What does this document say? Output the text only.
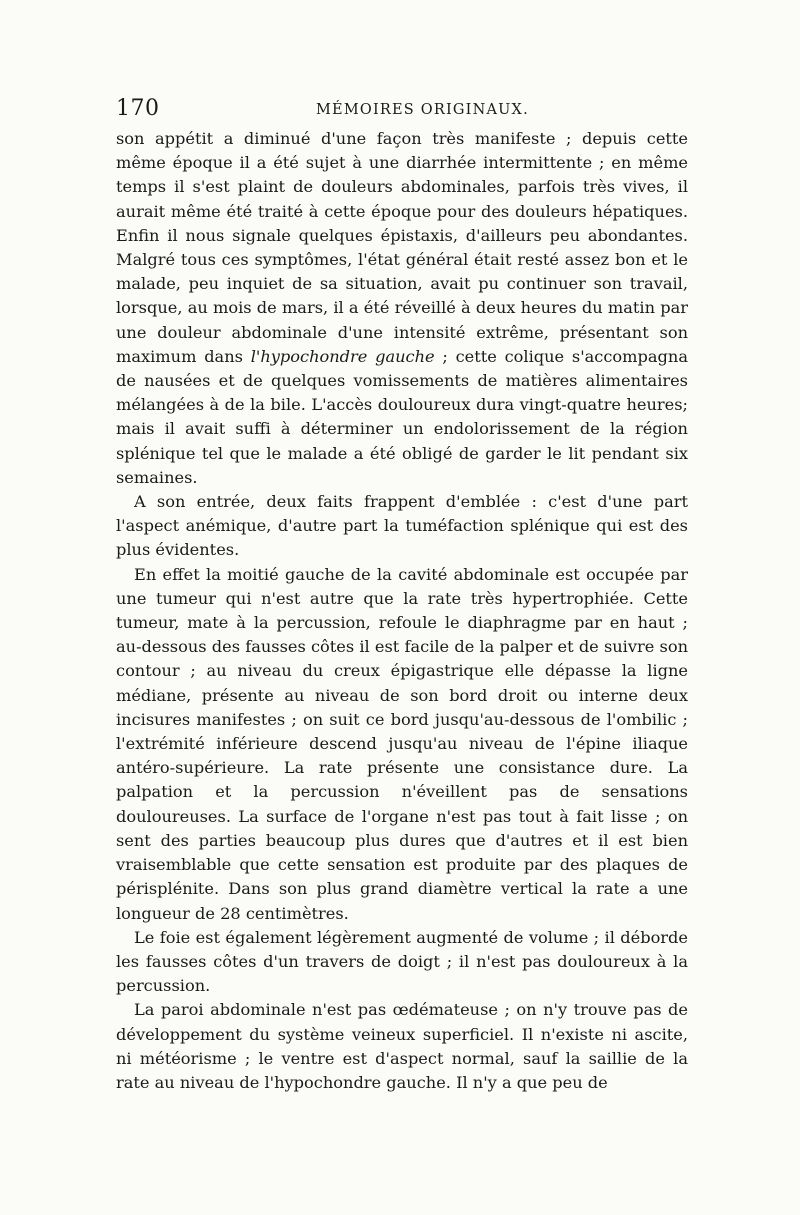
170	MÉMOIRES ORIGINAUX.

son appétit a diminué d'une façon très manifeste ; depuis cette même époque il a été sujet à une diarrhée intermittente ; en même temps il s'est plaint de douleurs abdominales, parfois très vives, il aurait même été traité à cette époque pour des douleurs hépatiques. Enfin il nous signale quelques épistaxis, d'ailleurs peu abondantes. Malgré tous ces symptômes, l'état général était resté assez bon et le malade, peu inquiet de sa situation, avait pu continuer son travail, lorsque, au mois de mars, il a été réveillé à deux heures du matin par une douleur abdominale d'une intensité extrême, présentant son maximum dans l'hypochondre gauche ; cette colique s'accompagna de nausées et de quelques vomissements de matières alimentaires mélangées à de la bile. L'accès douloureux dura vingt-quatre heures; mais il avait suffi à déterminer un endolorissement de la région splénique tel que le malade a été obligé de garder le lit pendant six semaines.

A son entrée, deux faits frappent d'emblée : c'est d'une part l'aspect anémique, d'autre part la tuméfaction splénique qui est des plus évidentes.

En effet la moitié gauche de la cavité abdominale est occupée par une tumeur qui n'est autre que la rate très hypertrophiée. Cette tumeur, mate à la percussion, refoule le diaphragme par en haut ; au-dessous des fausses côtes il est facile de la palper et de suivre son contour ; au niveau du creux épigastrique elle dépasse la ligne médiane, présente au niveau de son bord droit ou interne deux incisures manifestes ; on suit ce bord jusqu'au-dessous de l'ombilic ; l'extrémité inférieure descend jusqu'au niveau de l'épine iliaque antéro-supérieure. La rate présente une consistance dure. La palpation et la percussion n'éveillent pas de sensations douloureuses. La surface de l'organe n'est pas tout à fait lisse ; on sent des parties beaucoup plus dures que d'autres et il est bien vraisemblable que cette sensation est produite par des plaques de périsplénite. Dans son plus grand diamètre vertical la rate a une longueur de 28 centimètres.

Le foie est également légèrement augmenté de volume ; il déborde les fausses côtes d'un travers de doigt ; il n'est pas douloureux à la percussion.

La paroi abdominale n'est pas œdémateuse ; on n'y trouve pas de développement du système veineux superficiel. Il n'existe ni ascite, ni météorisme ; le ventre est d'aspect normal, sauf la saillie de la rate au niveau de l'hypochondre gauche. Il n'y a que peu de
